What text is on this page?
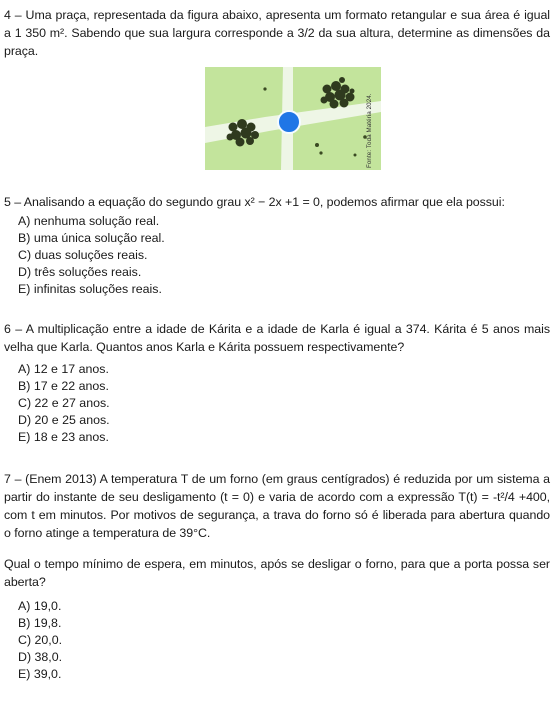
4 – Uma praça, representada da figura abaixo, apresenta um formato retangular e sua área é igual
a 1 350 m². Sabendo que sua largura corresponde a 3/2 da sua altura, determine as dimensões da
praça.
Fonte: Toda Matéria 2024.
5 – Analisando a equação do segundo grau x² − 2x +1 = 0, podemos afirmar que ela possui:
A) nenhuma solução real.
B) uma única solução real.
C) duas soluções reais.
D) três soluções reais.
E) infinitas soluções reais.
6 – A multiplicação entre a idade de Kárita e a idade de Karla é igual a 374. Kárita é 5 anos mais
velha que Karla. Quantos anos Karla e Kárita possuem respectivamente?
A) 12 e 17 anos.
B) 17 e 22 anos.
C) 22 e 27 anos.
D) 20 e 25 anos.
E) 18 e 23 anos.
7 – (Enem 2013) A temperatura T de um forno (em graus centígrados) é reduzida por um sistema a
partir do instante de seu desligamento (t = 0) e varia de acordo com a expressão T(t) = -t²/4 +400,
com t em minutos. Por motivos de segurança, a trava do forno só é liberada para abertura quando
o forno atinge a temperatura de 39°C.
Qual o tempo mínimo de espera, em minutos, após se desligar o forno, para que a porta possa ser
aberta?
A) 19,0.
B) 19,8.
C) 20,0.
D) 38,0.
E) 39,0.
